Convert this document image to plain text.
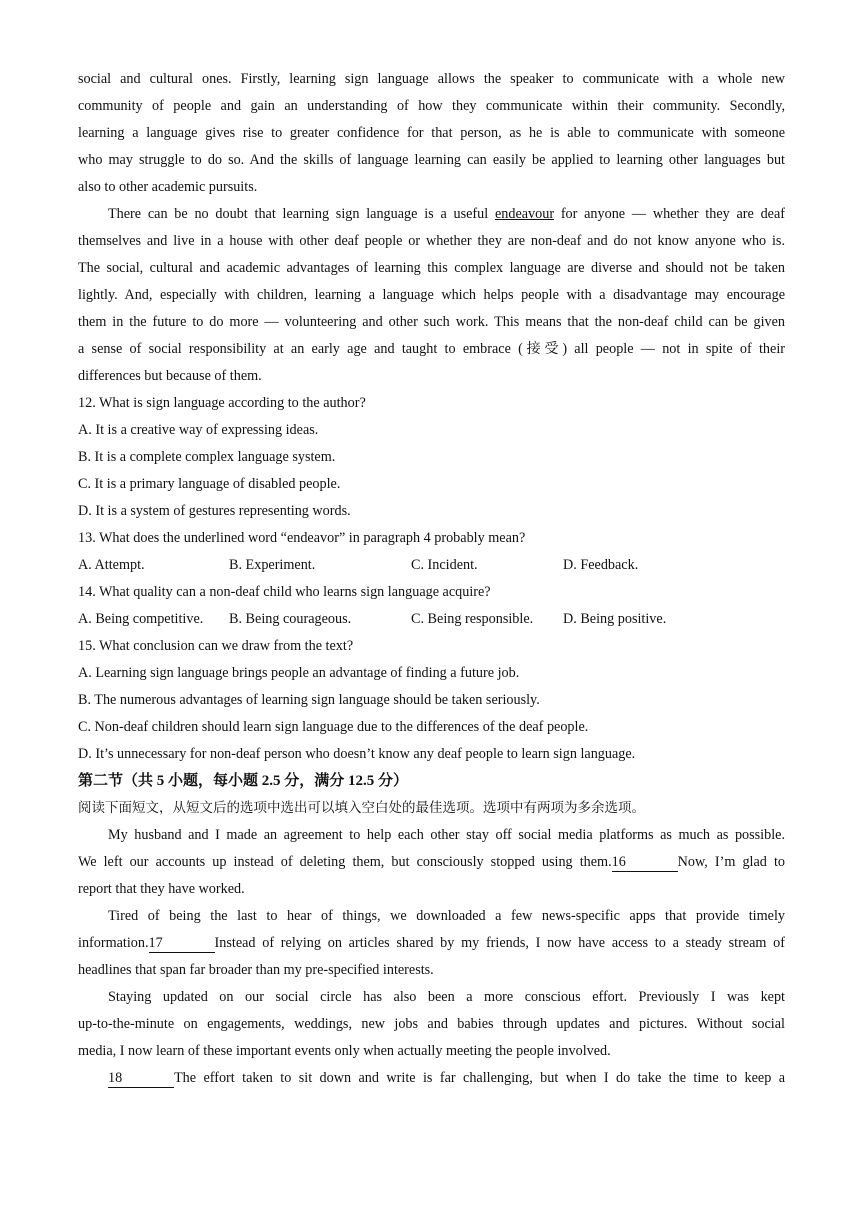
social and cultural ones. Firstly, learning sign language allows the speaker to communicate with a whole new
community of people and gain an understanding of how they communicate within their community. Secondly,
learning a language gives rise to greater confidence for that person, as he is able to communicate with someone
who may struggle to do so. And the skills of language learning can easily be applied to learning other languages but
also to other academic pursuits.
There can be no doubt that learning sign language is a useful endeavour for anyone — whether they are deaf
themselves and live in a house with other deaf people or whether they are non-deaf and do not know anyone who is.
The social, cultural and academic advantages of learning this complex language are diverse and should not be taken
lightly. And, especially with children, learning a language which helps people with a disadvantage may encourage
them in the future to do more — volunteering and other such work. This means that the non-deaf child can be given
a sense of social responsibility at an early age and taught to embrace (接受) all people — not in spite of their
differences but because of them.
12. What is sign language according to the author?
A. It is a creative way of expressing ideas.
B. It is a complete complex language system.
C. It is a primary language of disabled people.
D. It is a system of gestures representing words.
13. What does the underlined word “endeavor” in paragraph 4 probably mean?
A. Attempt.	B. Experiment.	C. Incident.	D. Feedback.
14. What quality can a non-deaf child who learns sign language acquire?
A. Being competitive.	B. Being courageous.	C. Being responsible.	D. Being positive.
15. What conclusion can we draw from the text?
A. Learning sign language brings people an advantage of finding a future job.
B. The numerous advantages of learning sign language should be taken seriously.
C. Non-deaf children should learn sign language due to the differences of the deaf people.
D. It’s unnecessary for non-deaf person who doesn’t know any deaf people to learn sign language.
第二节（共 5 小题，每小题 2.5 分，满分 12.5 分）
阅读下面短文，从短文后的选项中选出可以填入空白处的最佳选项。选项中有两项为多余选项。
My husband and I made an agreement to help each other stay off social media platforms as much as possible.
We left our accounts up instead of deleting them, but consciously stopped using them.16	Now, I’m glad to
report that they have worked.
Tired of being the last to hear of things, we downloaded a few news-specific apps that provide timely
information.17	Instead of relying on articles shared by my friends, I now have access to a steady stream of
headlines that span far broader than my pre-specified interests.
Staying updated on our social circle has also been a more conscious effort. Previously I was kept
up-to-the-minute on engagements, weddings, new jobs and babies through updates and pictures. Without social
media, I now learn of these important events only when actually meeting the people involved.
18	The effort taken to sit down and write is far challenging, but when I do take the time to keep a
